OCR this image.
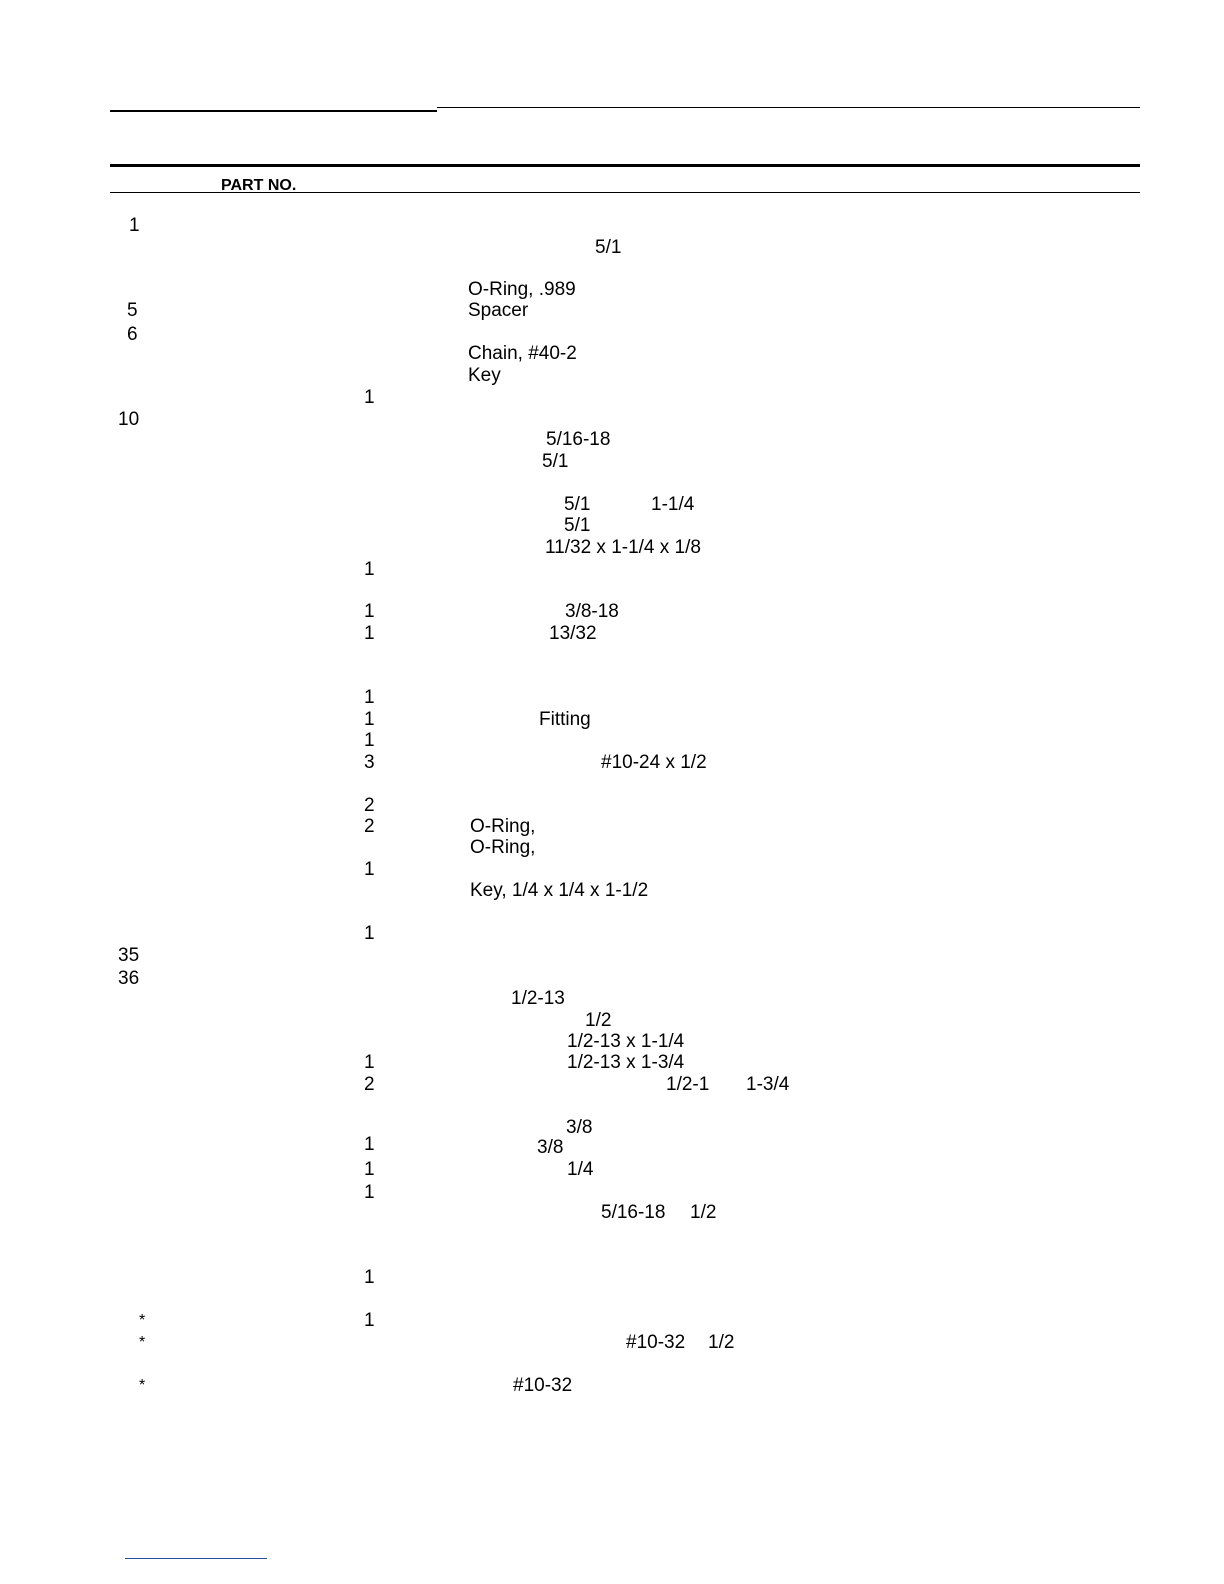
PART NO.
1
5
6
10
35
36
*
*
*
1
1
1
1
1
1
1
3
2
2
1
1
1
2
1
1
1
1
1
5/1
O-Ring, .989
Spacer
Chain, #40-2
Key
5/16-18
5/1
5/1	1-1/4
5/1
11/32 x 1-1/4 x 1/8
3/8-18
13/32
Fitting
#10-24 x 1/2
O-Ring,
O-Ring,
Key, 1/4 x 1/4 x 1-1/2
1/2-13
1/2
1/2-13 x 1-1/4
1/2-13 x 1-3/4
1/2-1 1-3/4
3/8
3/8
1/4
5/16-18 1/2
#10-32 1/2
#10-32
